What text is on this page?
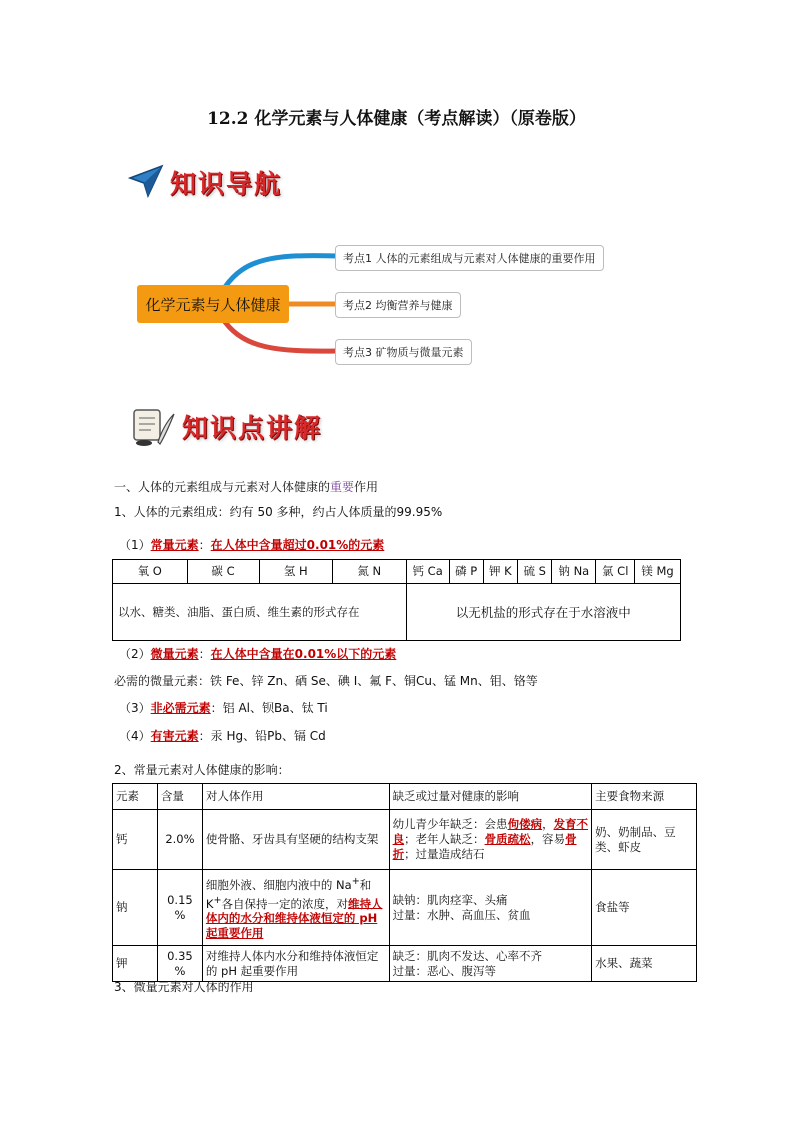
12.2 化学元素与人体健康（考点解读）（原卷版）
知识导航
化学元素与人体健康
考点1 人体的元素组成与元素对人体健康的重要作用
考点2 均衡营养与健康
考点3 矿物质与微量元素
知识点讲解
一、人体的元素组成与元素对人体健康的重要作用
1、人体的元素组成：约有 50 多种，约占人体质量的99.95%
（1）常量元素：在人体中含量超过0.01%的元素
氧 O	碳 C	氢 H	氮 N	钙 Ca	磷 P	钾 K	硫 S	钠 Na	氯 Cl	镁 Mg
以水、糖类、油脂、蛋白质、维生素的形式存在				以无机盐的形式存在于水溶液中						
（2）微量元素：在人体中含量在0.01%以下的元素
必需的微量元素：铁 Fe、锌 Zn、硒 Se、碘 I、氟 F、铜Cu、锰 Mn、钼、铬等
（3）非必需元素：铝 Al、钡Ba、钛 Ti
（4）有害元素：汞 Hg、铅Pb、镉 Cd
2、常量元素对人体健康的影响：
元素	含量	对人体作用	缺乏或过量对健康的影响	主要食物来源
钙	2.0%	使骨骼、牙齿具有坚硬的结构支架	幼儿青少年缺乏：会患佝偻病，发育不良；老年人缺乏：骨质疏松，容易骨折；过量造成结石	奶、奶制品、豆类、虾皮
钠	0.15 %	细胞外液、细胞内液中的 Na+和 K+各自保持一定的浓度，对维持人体内的水分和维持体液恒定的 pH 起重要作用	缺钠：肌肉痉挛、头痛
过量：水肿、高血压、贫血	食盐等
钾	0.35 %	对维持人体内水分和维持体液恒定的 pH 起重要作用	缺乏：肌肉不发达、心率不齐
过量：恶心、腹泻等	水果、蔬菜
3、微量元素对人体的作用
